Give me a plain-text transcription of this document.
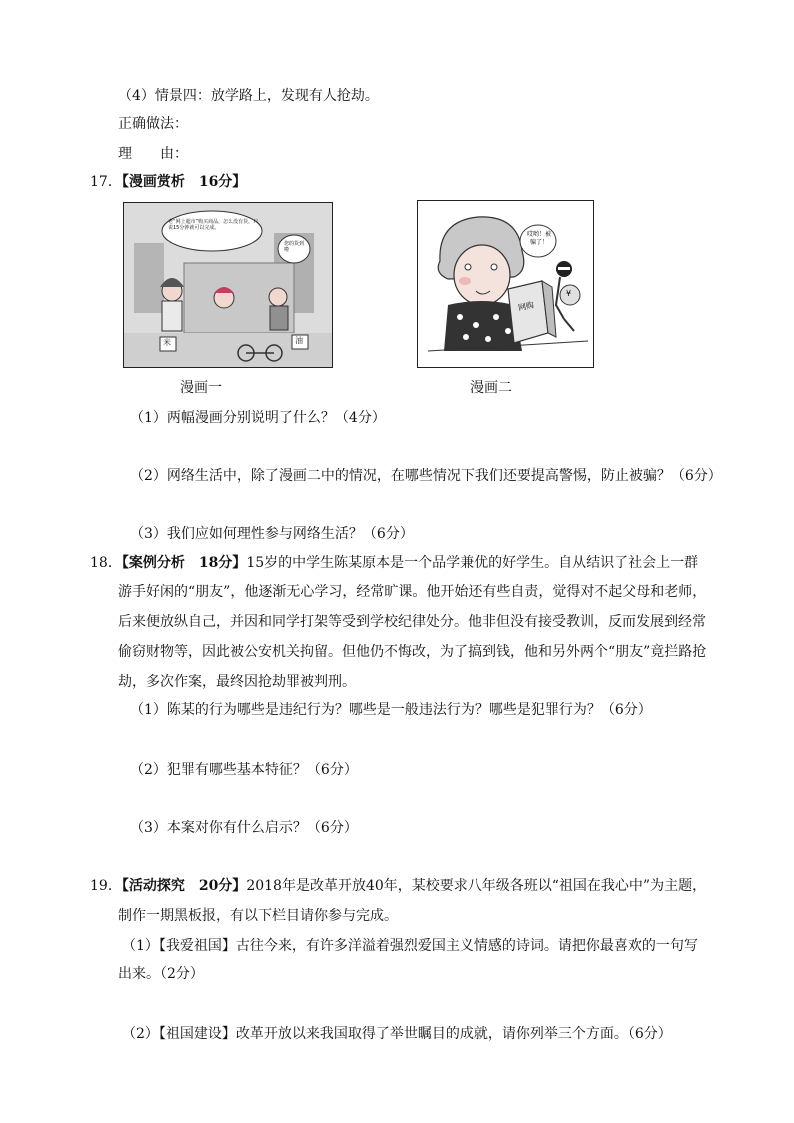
（4）情景四：放学路上，发现有人抢劫。
正确做法：
理　　由：
17．【漫画赏析　16分】
老“网上超市”购买商品，怎么没有货，只说15分钟就可以完成。
您的货到啦
米	油
漫画一
哎哟！被骗了！
网购
¥
漫画二
（1）两幅漫画分别说明了什么？（4分）
（2）网络生活中，除了漫画二中的情况，在哪些情况下我们还要提高警惕，防止被骗？（6分）
（3）我们应如何理性参与网络生活？（6分）
18．【案例分析　18分】15岁的中学生陈某原本是一个品学兼优的好学生。自从结识了社会上一群
游手好闲的“朋友”，他逐渐无心学习，经常旷课。他开始还有些自责，觉得对不起父母和老师，
后来便放纵自己，并因和同学打架等受到学校纪律处分。他非但没有接受教训，反而发展到经常
偷窃财物等，因此被公安机关拘留。但他仍不悔改，为了搞到钱，他和另外两个“朋友”竟拦路抢
劫，多次作案，最终因抢劫罪被判刑。
（1）陈某的行为哪些是违纪行为？哪些是一般违法行为？哪些是犯罪行为？（6分）
（2）犯罪有哪些基本特征？（6分）
（3）本案对你有什么启示？（6分）
19．【活动探究　20分】2018年是改革开放40年，某校要求八年级各班以“祖国在我心中”为主题，
制作一期黑板报，有以下栏目请你参与完成。
（1）【我爱祖国】古往今来，有许多洋溢着强烈爱国主义情感的诗词。请把你最喜欢的一句写
出来。（2分）
（2）【祖国建设】改革开放以来我国取得了举世瞩目的成就，请你列举三个方面。（6分）
